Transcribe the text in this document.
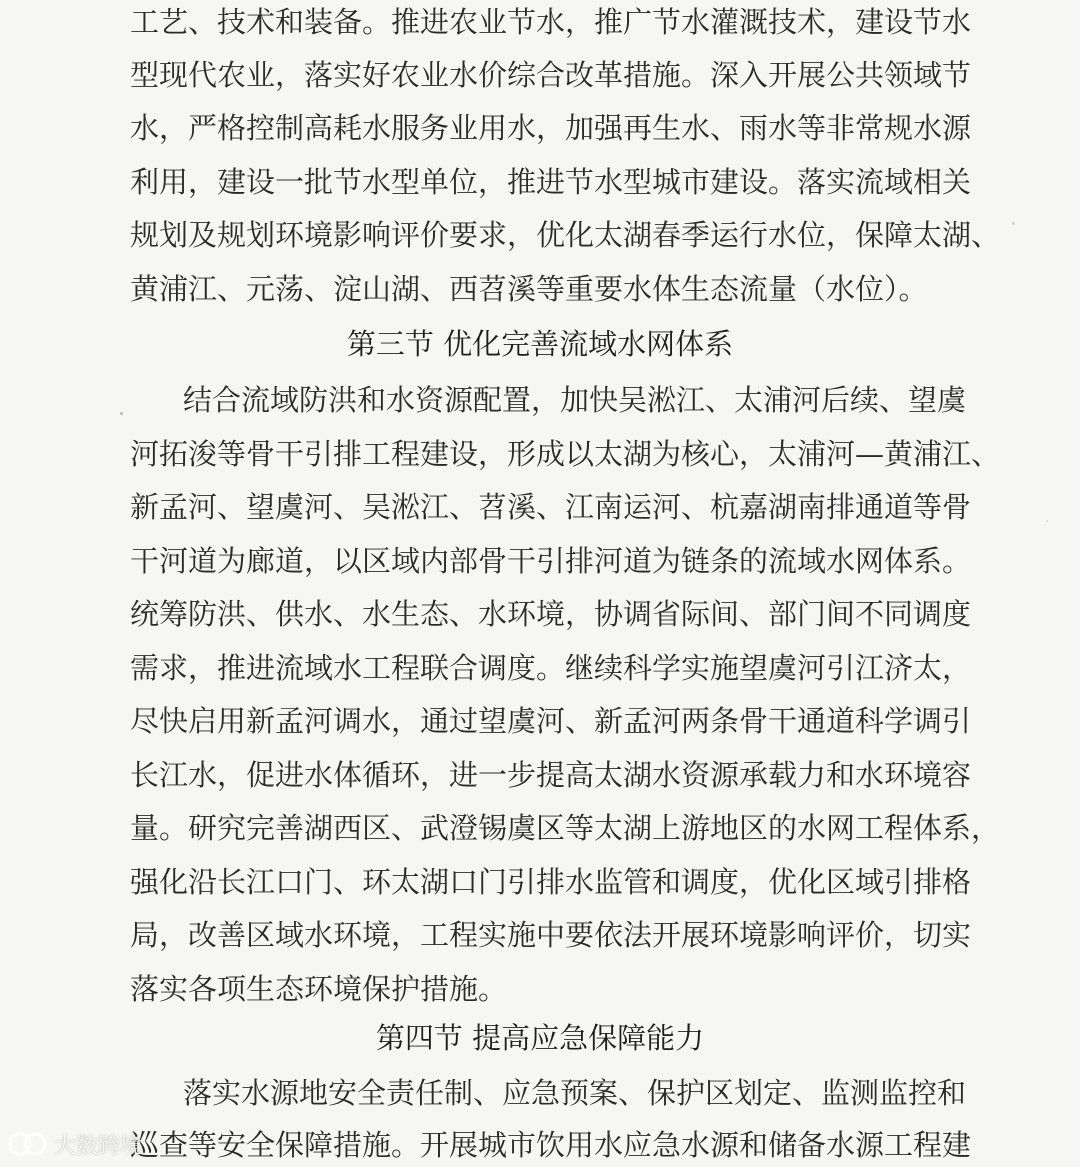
工艺、技术和装备。推进农业节水，推广节水灌溉技术，建设节水
型现代农业，落实好农业水价综合改革措施。深入开展公共领域节
水，严格控制高耗水服务业用水，加强再生水、雨水等非常规水源
利用，建设一批节水型单位，推进节水型城市建设。落实流域相关
规划及规划环境影响评价要求，优化太湖春季运行水位，保障太湖、
黄浦江、元荡、淀山湖、西苕溪等重要水体生态流量（水位）。
第三节 优化完善流域水网体系
结合流域防洪和水资源配置，加快吴淞江、太浦河后续、望虞
河拓浚等骨干引排工程建设，形成以太湖为核心，太浦河—黄浦江、
新孟河、望虞河、吴淞江、苕溪、江南运河、杭嘉湖南排通道等骨
干河道为廊道，以区域内部骨干引排河道为链条的流域水网体系。
统筹防洪、供水、水生态、水环境，协调省际间、部门间不同调度
需求，推进流域水工程联合调度。继续科学实施望虞河引江济太，
尽快启用新孟河调水，通过望虞河、新孟河两条骨干通道科学调引
长江水，促进水体循环，进一步提高太湖水资源承载力和水环境容
量。研究完善湖西区、武澄锡虞区等太湖上游地区的水网工程体系，
强化沿长江口门、环太湖口门引排水监管和调度，优化区域引排格
局，改善区域水环境，工程实施中要依法开展环境影响评价，切实
落实各项生态环境保护措施。
第四节 提高应急保障能力
落实水源地安全责任制、应急预案、保护区划定、监测监控和
巡查等安全保障措施。开展城市饮用水应急水源和储备水源工程建
大数跨境
